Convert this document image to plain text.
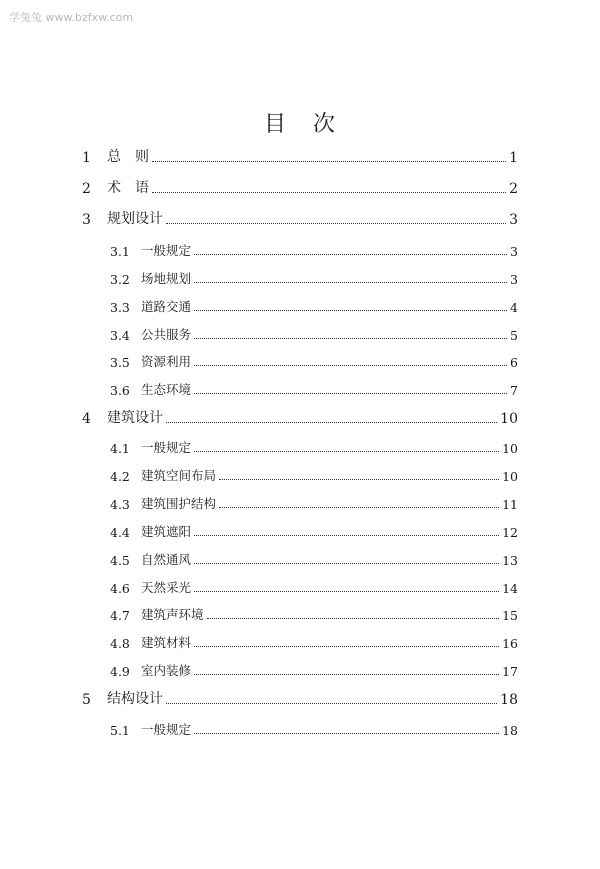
学兔兔 www.bzfxw.com
目 次
1	总　则	1
2	术　语	2
3	规划设计	3
3.1 一般规定	3
3.2 场地规划	3
3.3 道路交通	4
3.4 公共服务	5
3.5 资源利用	6
3.6 生态环境	7
4	建筑设计	10
4.1 一般规定	10
4.2 建筑空间布局	10
4.3 建筑围护结构	11
4.4 建筑遮阳	12
4.5 自然通风	13
4.6 天然采光	14
4.7 建筑声环境	15
4.8 建筑材料	16
4.9 室内装修	17
5	结构设计	18
5.1 一般规定	18
